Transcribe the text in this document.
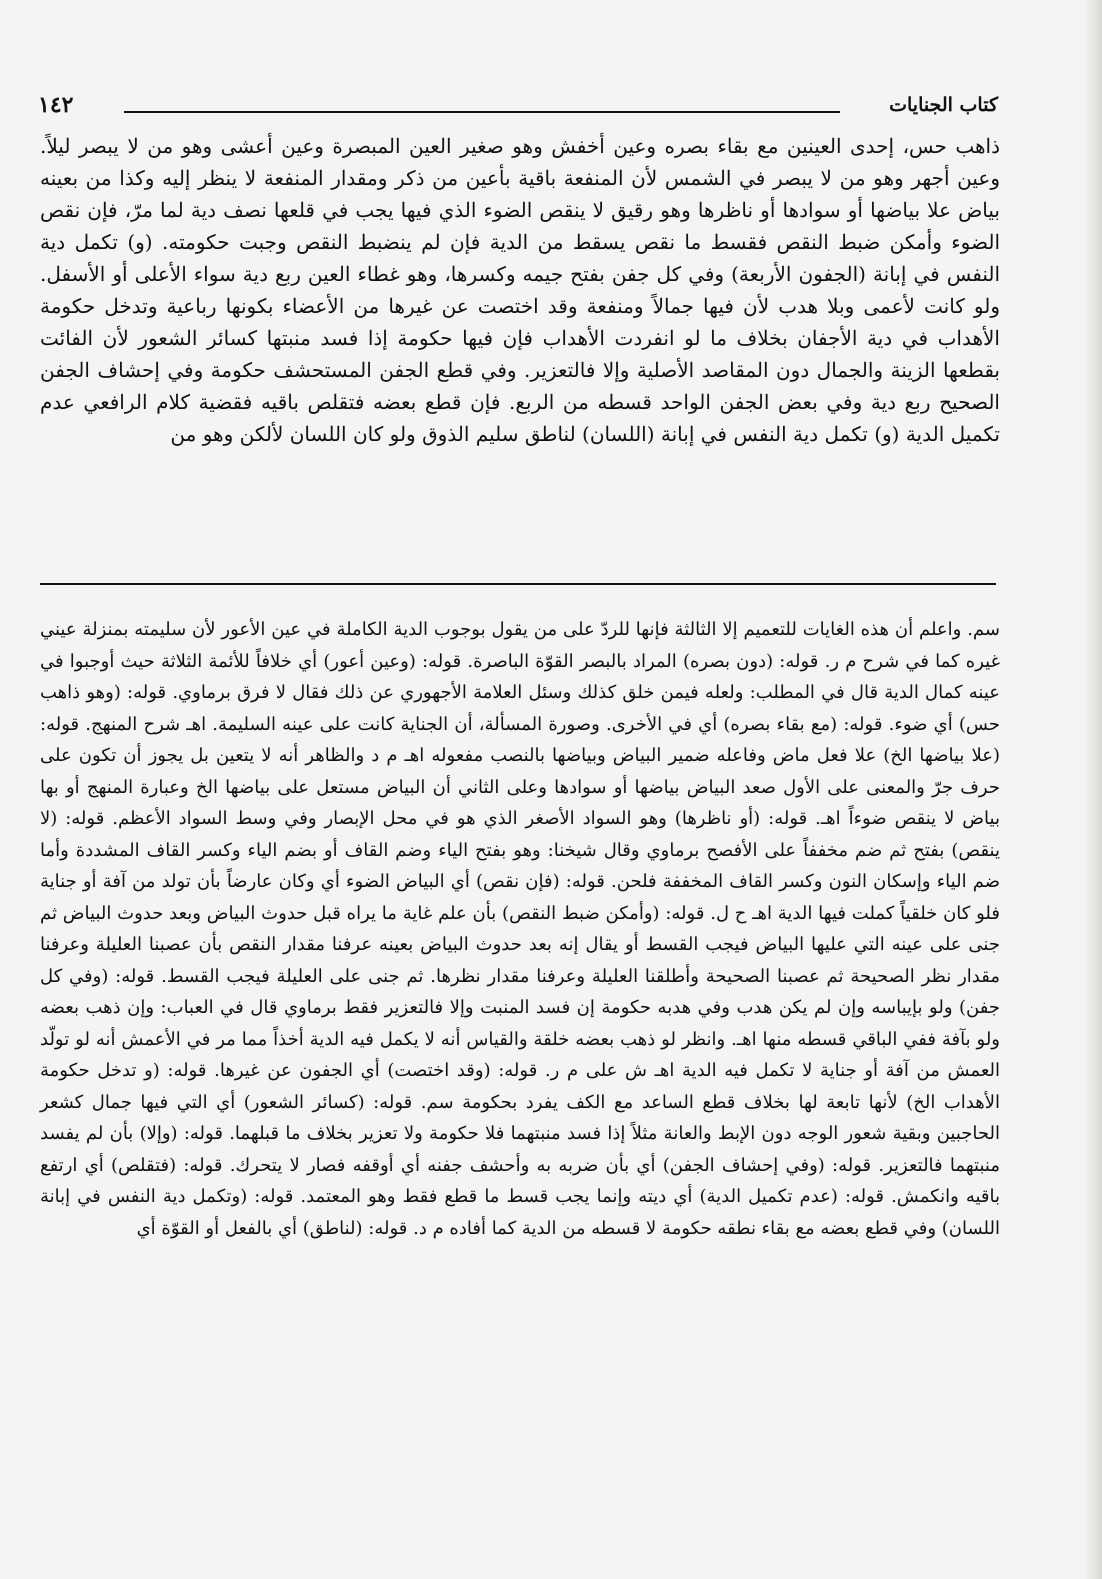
كتاب الجنايات
١٤٢

ذاهب حس، إحدى العينين مع بقاء بصره وعين أخفش وهو صغير العين المبصرة وعين أعشى وهو من لا يبصر ليلاً. وعين أجهر وهو من لا يبصر في الشمس لأن المنفعة باقية بأعين من ذكر ومقدار المنفعة لا ينظر إليه وكذا من بعينه بياض علا بياضها أو سوادها أو ناظرها وهو رقيق لا ينقص الضوء الذي فيها يجب في قلعها نصف دية لما مرّ، فإن نقص الضوء وأمكن ضبط النقص فقسط ما نقص يسقط من الدية فإن لم ينضبط النقص وجبت حكومته. (و) تكمل دية النفس في إبانة (الجفون الأربعة) وفي كل جفن بفتح جيمه وكسرها، وهو غطاء العين ربع دية سواء الأعلى أو الأسفل. ولو كانت لأعمى وبلا هدب لأن فيها جمالاً ومنفعة وقد اختصت عن غيرها من الأعضاء بكونها رباعية وتدخل حكومة الأهداب في دية الأجفان بخلاف ما لو انفردت الأهداب فإن فيها حكومة إذا فسد منبتها كسائر الشعور لأن الفائت بقطعها الزينة والجمال دون المقاصد الأصلية وإلا فالتعزير. وفي قطع الجفن المستحشف حكومة وفي إحشاف الجفن الصحيح ربع دية وفي بعض الجفن الواحد قسطه من الربع. فإن قطع بعضه فتقلص باقيه فقضية كلام الرافعي عدم تكميل الدية (و) تكمل دية النفس في إبانة (اللسان) لناطق سليم الذوق ولو كان اللسان لألكن وهو من

سم. واعلم أن هذه الغايات للتعميم إلا الثالثة فإنها للردّ على من يقول بوجوب الدية الكاملة في عين الأعور لأن سليمته بمنزلة عيني غيره كما في شرح م ر. قوله: (دون بصره) المراد بالبصر القوّة الباصرة. قوله: (وعين أعور) أي خلافاً للأئمة الثلاثة حيث أوجبوا في عينه كمال الدية قال في المطلب: ولعله فيمن خلق كذلك وسئل العلامة الأجهوري عن ذلك فقال لا فرق برماوي. قوله: (وهو ذاهب حس) أي ضوء. قوله: (مع بقاء بصره) أي في الأخرى. وصورة المسألة، أن الجناية كانت على عينه السليمة. اهـ شرح المنهج. قوله: (علا بياضها الخ) علا فعل ماض وفاعله ضمير البياض وبياضها بالنصب مفعوله اهـ م د والظاهر أنه لا يتعين بل يجوز أن تكون على حرف جرّ والمعنى على الأول صعد البياض بياضها أو سوادها وعلى الثاني أن البياض مستعل على بياضها الخ وعبارة المنهج أو بها بياض لا ينقص ضوءاً اهـ. قوله: (أو ناظرها) وهو السواد الأصغر الذي هو في محل الإبصار وفي وسط السواد الأعظم. قوله: (لا ينقص) بفتح ثم ضم مخففاً على الأفصح برماوي وقال شيخنا: وهو بفتح الياء وضم القاف أو بضم الياء وكسر القاف المشددة وأما ضم الياء وإسكان النون وكسر القاف المخففة فلحن. قوله: (فإن نقص) أي البياض الضوء أي وكان عارضاً بأن تولد من آفة أو جناية فلو كان خلقياً كملت فيها الدية اهـ ح ل. قوله: (وأمكن ضبط النقص) بأن علم غاية ما يراه قبل حدوث البياض وبعد حدوث البياض ثم جنى على عينه التي عليها البياض فيجب القسط أو يقال إنه بعد حدوث البياض بعينه عرفنا مقدار النقص بأن عصبنا العليلة وعرفنا مقدار نظر الصحيحة ثم عصبنا الصحيحة وأطلقنا العليلة وعرفنا مقدار نظرها. ثم جنى على العليلة فيجب القسط. قوله: (وفي كل جفن) ولو بإيباسه وإن لم يكن هدب وفي هدبه حكومة إن فسد المنبت وإلا فالتعزير فقط برماوي قال في العباب: وإن ذهب بعضه ولو بآفة ففي الباقي قسطه منها اهـ. وانظر لو ذهب بعضه خلقة والقياس أنه لا يكمل فيه الدية أخذاً مما مر في الأعمش أنه لو تولّد العمش من آفة أو جناية لا تكمل فيه الدية اهـ ش على م ر. قوله: (وقد اختصت) أي الجفون عن غيرها. قوله: (و تدخل حكومة الأهداب الخ) لأنها تابعة لها بخلاف قطع الساعد مع الكف يفرد بحكومة سم. قوله: (كسائر الشعور) أي التي فيها جمال كشعر الحاجبين وبقية شعور الوجه دون الإبط والعانة مثلاً إذا فسد منبتهما فلا حكومة ولا تعزير بخلاف ما قبلهما. قوله: (وإلا) بأن لم يفسد منبتهما فالتعزير. قوله: (وفي إحشاف الجفن) أي بأن ضربه به وأحشف جفنه أي أوقفه فصار لا يتحرك. قوله: (فتقلص) أي ارتفع باقيه وانكمش. قوله: (عدم تكميل الدية) أي ديته وإنما يجب قسط ما قطع فقط وهو المعتمد. قوله: (وتكمل دية النفس في إبانة اللسان) وفي قطع بعضه مع بقاء نطقه حكومة لا قسطه من الدية كما أفاده م د. قوله: (لناطق) أي بالفعل أو القوّة أي
